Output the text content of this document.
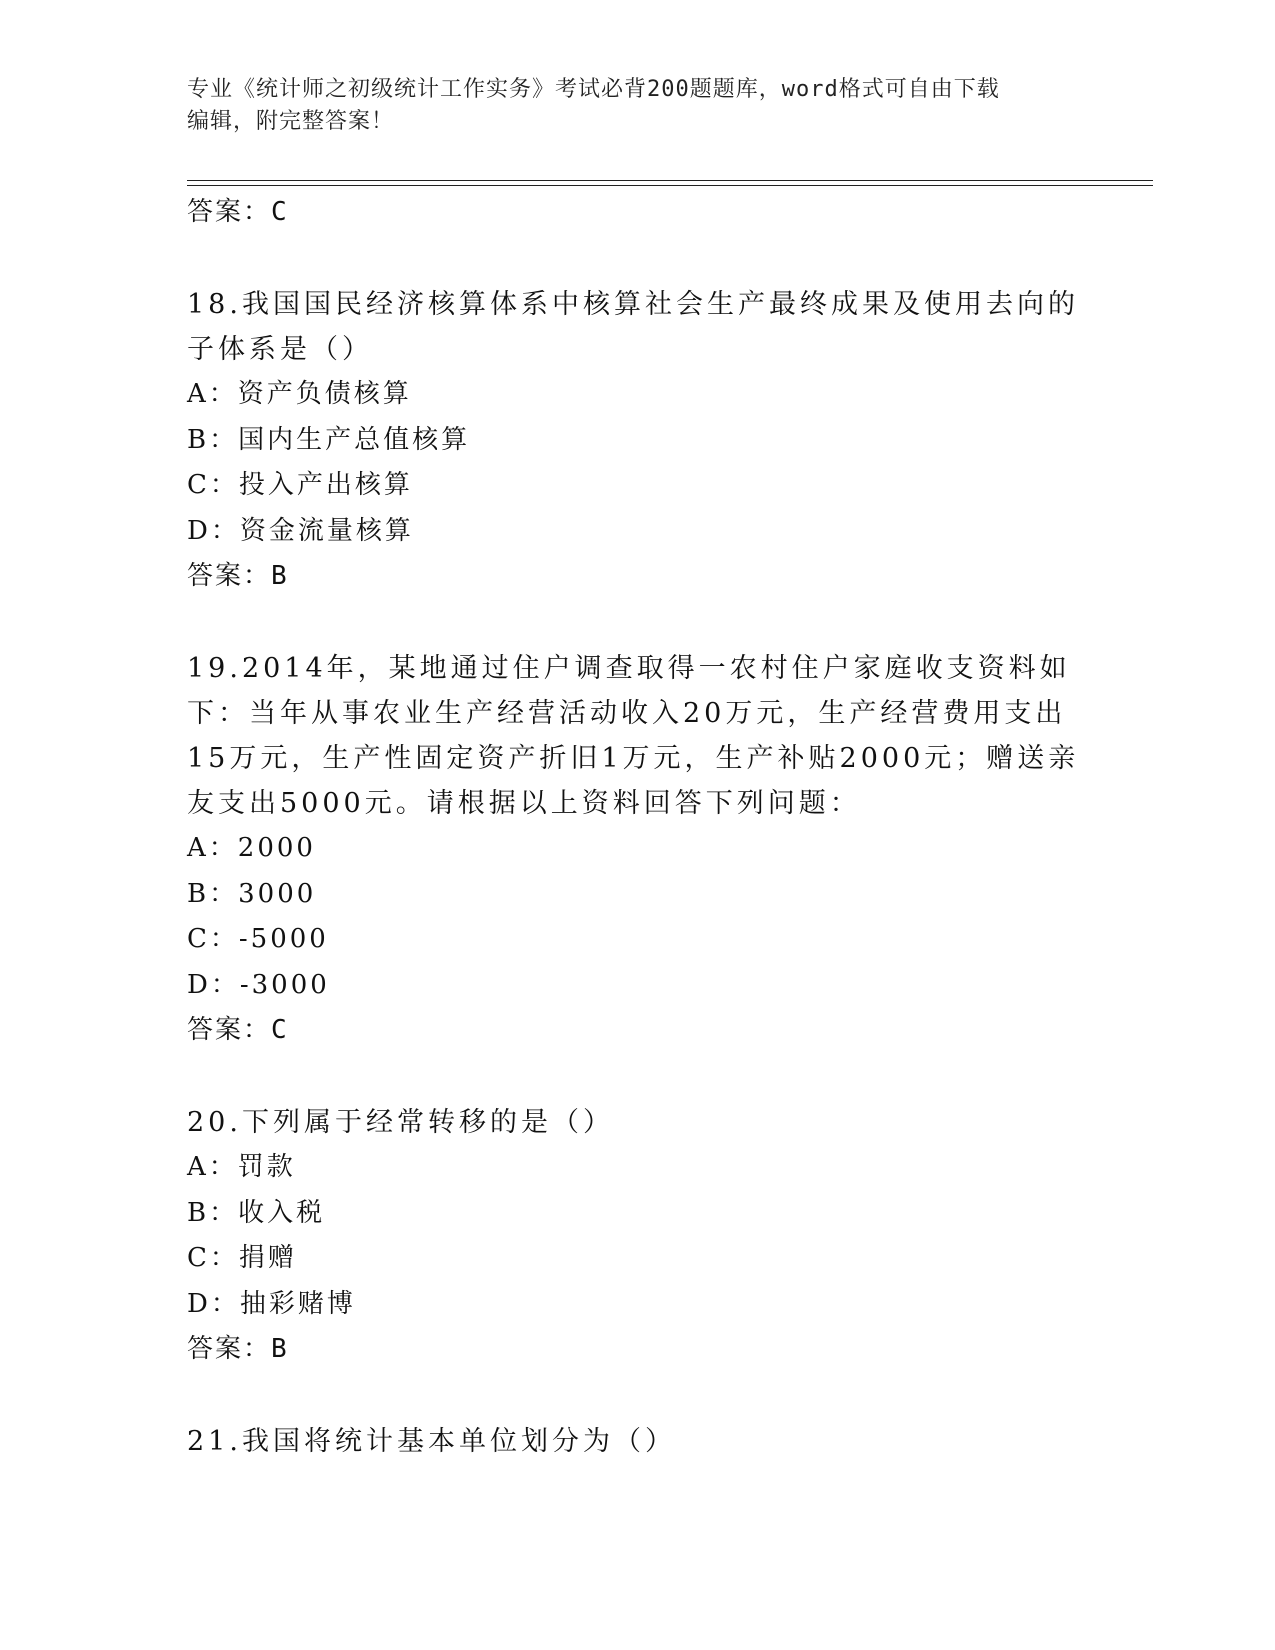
专业《统计师之初级统计工作实务》考试必背200题题库，word格式可自由下载
编辑，附完整答案！
答案：C
18.我国国民经济核算体系中核算社会生产最终成果及使用去向的子体系是（）
A：资产负债核算
B：国内生产总值核算
C：投入产出核算
D：资金流量核算
答案：B
19.2014年，某地通过住户调查取得一农村住户家庭收支资料如下：当年从事农业生产经营活动收入20万元，生产经营费用支出15万元，生产性固定资产折旧1万元，生产补贴2000元；赠送亲友支出5000元。请根据以上资料回答下列问题：
A：2000
B：3000
C：-5000
D：-3000
答案：C
20.下列属于经常转移的是（）
A：罚款
B：收入税
C：捐赠
D：抽彩赌博
答案：B
21.我国将统计基本单位划分为（）
